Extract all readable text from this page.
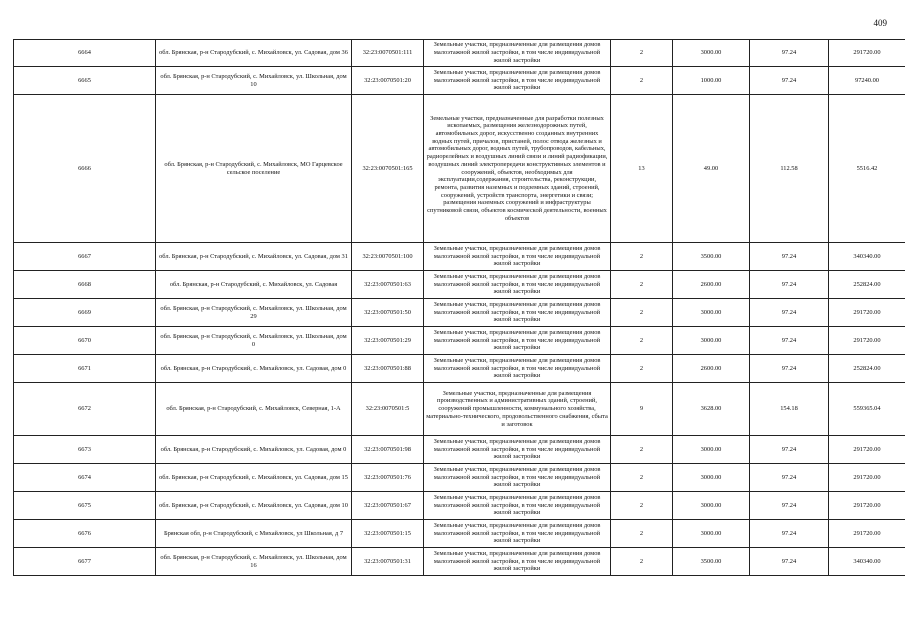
409
6664	обл. Брянская, р-н Стародубский, с. Михайловск, ул. Садовая, дом 36	32:23:0070501:111	Земельные участки, предназначенные для размещения домов малоэтажной жилой застройки, в том числе индивидуальной жилой застройки	2	3000.00	97.24	291720.00
6665	обл. Брянская, р-н Стародубский, с. Михайловск, ул. Школьная, дом 10	32:23:0070501:20	Земельные участки, предназначенные для размещения домов малоэтажной жилой застройки, в том числе индивидуальной жилой застройки	2	1000.00	97.24	97240.00
6666	обл. Брянская, р-н Стародубский, с. Михайловск, МО Гарцевское сельское поселение	32:23:0070501:165	Земельные участки, предназначенные для разработки полезных ископаемых, размещения железнодорожных путей, автомобильных дорог, искусственно созданных внутренних водных путей, причалов, пристаней, полос отвода железных и автомобильных дорог, водных путей, трубопроводов, кабельных, радиорелейных и воздушных линий связи и линий радиофикации, воздушных линий электропередачи конструктивных элементов и сооружений, объектов, необходимых для эксплуатации,содержания, строительства, реконструкции, ремонта, развития наземных и подземных зданий, строений, сооружений, устройств транспорта, энергетики и связи; размещения наземных сооружений и инфраструктуры спутниковой связи, объектов космической деятельности, военных объектов	13	49.00	112.58	5516.42
6667	обл. Брянская, р-н Стародубский, с. Михайловск, ул. Садовая, дом 31	32:23:0070501:100	Земельные участки, предназначенные для размещения домов малоэтажной жилой застройки, в том числе индивидуальной жилой застройки	2	3500.00	97.24	340340.00
6668	обл. Брянская, р-н Стародубский, с. Михайловск, ул. Садовая	32:23:0070501:63	Земельные участки, предназначенные для размещения домов малоэтажной жилой застройки, в том числе индивидуальной жилой застройки	2	2600.00	97.24	252824.00
6669	обл. Брянская, р-н Стародубский, с. Михайловск, ул. Школьная, дом 29	32:23:0070501:50	Земельные участки, предназначенные для размещения домов малоэтажной жилой застройки, в том числе индивидуальной жилой застройки	2	3000.00	97.24	291720.00
6670	обл. Брянская, р-н Стародубский, с. Михайловск, ул. Школьная, дом 0	32:23:0070501:29	Земельные участки, предназначенные для размещения домов малоэтажной жилой застройки, в том числе индивидуальной жилой застройки	2	3000.00	97.24	291720.00
6671	обл. Брянская, р-н Стародубский, с. Михайловск, ул. Садовая, дом 0	32:23:0070501:88	Земельные участки, предназначенные для размещения домов малоэтажной жилой застройки, в том числе индивидуальной жилой застройки	2	2600.00	97.24	252824.00
6672	обл. Брянская, р-н Стародубский, с. Михайловск, Северная, 1-А	32:23:0070501:5	Земельные участки, предназначенные для размещения производственных и административных зданий, строений, сооружений промышленности, коммунального хозяйства, материально-технического, продовольственного снабжения, сбыта и заготовок	9	3628.00	154.18	559365.04
6673	обл. Брянская, р-н Стародубский, с. Михайловск, ул. Садовая, дом 0	32:23:0070501:98	Земельные участки, предназначенные для размещения домов малоэтажной жилой застройки, в том числе индивидуальной жилой застройки	2	3000.00	97.24	291720.00
6674	обл. Брянская, р-н Стародубский, с. Михайловск, ул. Садовая, дом 15	32:23:0070501:76	Земельные участки, предназначенные для размещения домов малоэтажной жилой застройки, в том числе индивидуальной жилой застройки	2	3000.00	97.24	291720.00
6675	обл. Брянская, р-н Стародубский, с. Михайловск, ул. Садовая, дом 10	32:23:0070501:67	Земельные участки, предназначенные для размещения домов малоэтажной жилой застройки, в том числе индивидуальной жилой застройки	2	3000.00	97.24	291720.00
6676	Брянская обл, р-н Стародубский, с Михайловск, ул Школьная, д 7	32:23:0070501:15	Земельные участки, предназначенные для размещения домов малоэтажной жилой застройки, в том числе индивидуальной жилой застройки	2	3000.00	97.24	291720.00
6677	обл. Брянская, р-н Стародубский, с. Михайловск, ул. Школьная, дом 16	32:23:0070501:31	Земельные участки, предназначенные для размещения домов малоэтажной жилой застройки, в том числе индивидуальной жилой застройки	2	3500.00	97.24	340340.00
